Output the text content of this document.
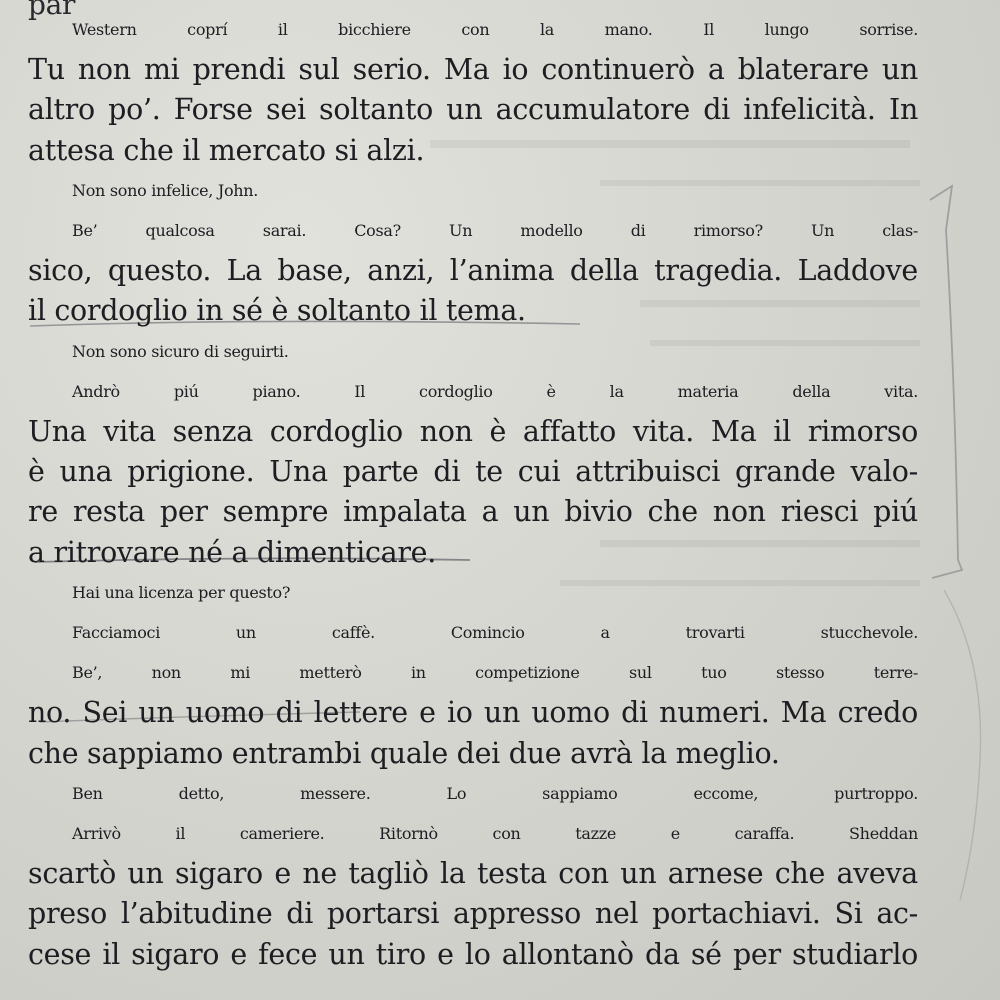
par
Western coprí il bicchiere con la mano. Il lungo sorrise.
Tu non mi prendi sul serio. Ma io continuerò a blaterare un
altro po’. Forse sei soltanto un accumulatore di infelicità. In
attesa che il mercato si alzi.
Non sono infelice, John.
Be’ qualcosa sarai. Cosa? Un modello di rimorso? Un clas-
sico, questo. La base, anzi, l’anima della tragedia. Laddove
il cordoglio in sé è soltanto il tema.
Non sono sicuro di seguirti.
Andrò piú piano. Il cordoglio è la materia della vita.
Una vita senza cordoglio non è affatto vita. Ma il rimorso
è una prigione. Una parte di te cui attribuisci grande valo-
re resta per sempre impalata a un bivio che non riesci piú
a ritrovare né a dimenticare.
Hai una licenza per questo?
Facciamoci un caffè. Comincio a trovarti stucchevole.
Be’, non mi metterò in competizione sul tuo stesso terre-
no. Sei un uomo di lettere e io un uomo di numeri. Ma credo
che sappiamo entrambi quale dei due avrà la meglio.
Ben detto, messere. Lo sappiamo eccome, purtroppo.
Arrivò il cameriere. Ritornò con tazze e caraffa. Sheddan
scartò un sigaro e ne tagliò la testa con un arnese che aveva
preso l’abitudine di portarsi appresso nel portachiavi. Si ac-
cese il sigaro e fece un tiro e lo allontanò da sé per studiarlo
